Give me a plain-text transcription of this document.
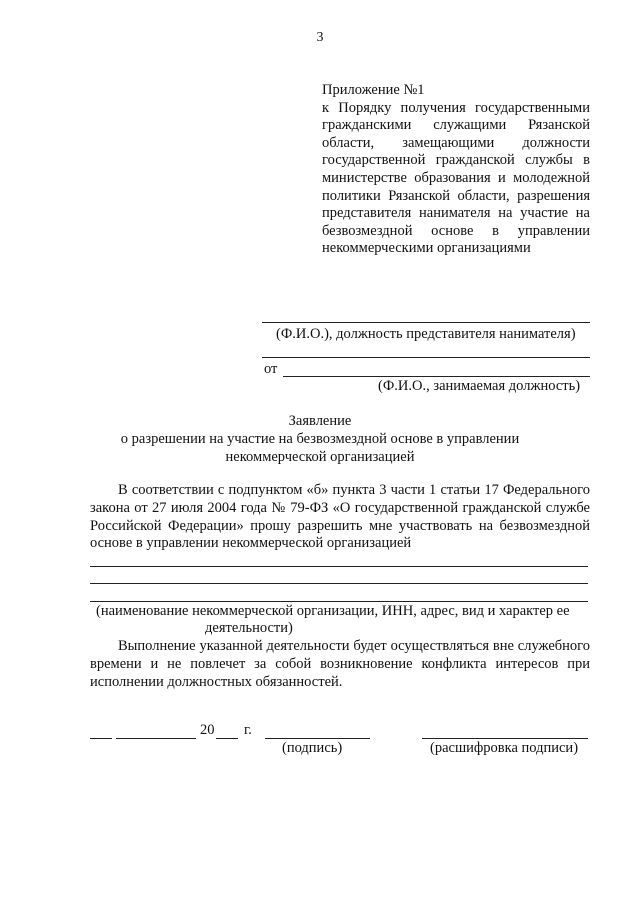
3
Приложение №1
к Порядку получения государственными гражданскими служащими Рязанской области, замещающими должности государственной гражданской службы в министерстве образования и молодежной политики Рязанской области, разрешения представителя нанимателя на участие на безвозмездной основе в управлении некоммерческими организациями
(Ф.И.О.), должность представителя нанимателя)
от
(Ф.И.О., занимаемая должность)
Заявление
о разрешении на участие на безвозмездной основе в управлении
некоммерческой организацией
В соответствии с подпунктом «б» пункта 3 части 1 статьи 17 Федерального закона от 27 июля 2004 года № 79-ФЗ «О государственной гражданской службе Российской Федерации» прошу разрешить мне участвовать на безвозмездной основе в управлении некоммерческой организацией
(наименование некоммерческой организации, ИНН, адрес, вид и характер ее
деятельности)
Выполнение указанной деятельности будет осуществляться вне служебного времени и не повлечет за собой возникновение конфликта интересов при исполнении должностных обязанностей.
20 г.
(подпись)	(расшифровка подписи)
